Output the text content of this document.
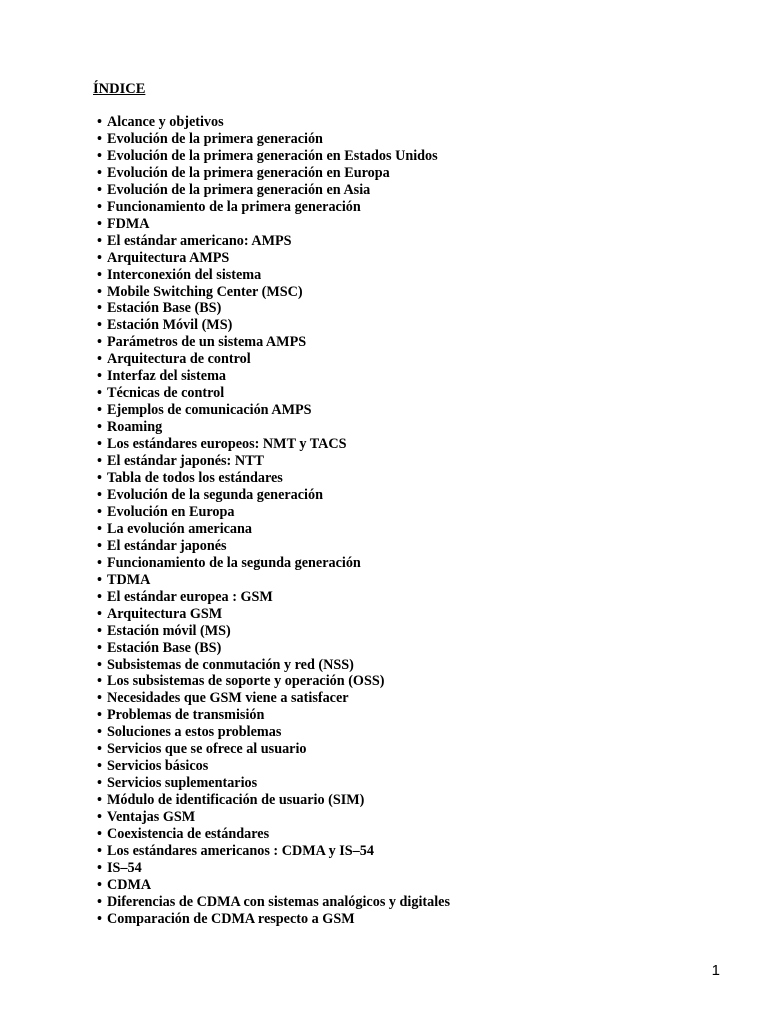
ÍNDICE
• Alcance y objetivos
• Evolución de la primera generación
• Evolución de la primera generación en Estados Unidos
• Evolución de la primera generación en Europa
• Evolución de la primera generación en Asia
• Funcionamiento de la primera generación
• FDMA
• El estándar americano: AMPS
• Arquitectura AMPS
• Interconexión del sistema
• Mobile Switching Center (MSC)
• Estación Base (BS)
• Estación Móvil (MS)
• Parámetros de un sistema AMPS
• Arquitectura de control
• Interfaz del sistema
• Técnicas de control
• Ejemplos de comunicación AMPS
• Roaming
• Los estándares europeos: NMT y TACS
• El estándar japonés: NTT
• Tabla de todos los estándares
• Evolución de la segunda generación
• Evolución en Europa
• La evolución americana
• El estándar japonés
• Funcionamiento de la segunda generación
• TDMA
• El estándar europea : GSM
• Arquitectura GSM
• Estación móvil (MS)
• Estación Base (BS)
• Subsistemas de conmutación y red (NSS)
• Los subsistemas de soporte y operación (OSS)
• Necesidades que GSM viene a satisfacer
• Problemas de transmisión
• Soluciones a estos problemas
• Servicios que se ofrece al usuario
• Servicios básicos
• Servicios suplementarios
• Módulo de identificación de usuario (SIM)
• Ventajas GSM
• Coexistencia de estándares
• Los estándares americanos : CDMA y IS–54
• IS–54
• CDMA
• Diferencias de CDMA con sistemas analógicos y digitales
• Comparación de CDMA respecto a GSM
1
